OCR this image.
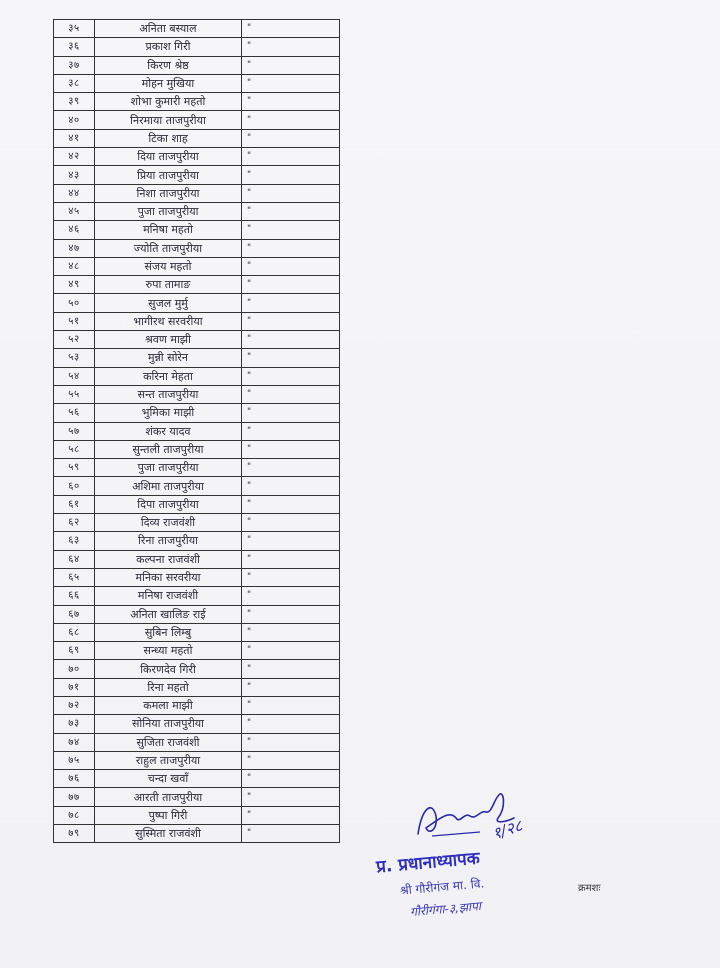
३५	अनिता बस्याल	"
३६	प्रकाश गिरी	"
३७	किरण श्रेष्ठ	"
३८	मोहन मुखिया	"
३९	शोभा कुमारी महतो	"
४०	निरमाया ताजपुरीया	"
४१	टिका शाह	"
४२	दिया ताजपुरीया	"
४३	प्रिया ताजपुरीया	"
४४	निशा ताजपुरीया	"
४५	पुजा ताजपुरीया	"
४६	मनिषा महतो	"
४७	ज्योति ताजपुरीया	"
४८	संजय महतो	"
४९	रुपा तामाङ	"
५०	सुजल मुर्मु	"
५१	भागीरथ सरवरीया	"
५२	श्रवण माझी	"
५३	मुन्नी सोरेन	"
५४	करिना मेहता	"
५५	सन्त ताजपुरीया	"
५६	भुमिका माझी	"
५७	शंकर यादव	"
५८	सुन्तली ताजपुरीया	"
५९	पुजा ताजपुरीया	"
६०	अशिमा ताजपुरीया	"
६१	दिपा ताजपुरीया	"
६२	दिव्य राजवंशी	"
६३	रिना ताजपुरीया	"
६४	कल्पना राजवंशी	"
६५	मनिका सरवरीया	"
६६	मनिषा राजवंशी	"
६७	अनिता खालिङ राई	"
६८	सुबिन लिम्बु	"
६९	सन्ध्या महतो	"
७०	किरणदेव गिरी	"
७१	रिना महतो	"
७२	कमला माझी	"
७३	सोनिया ताजपुरीया	"
७४	सुजिता राजवंशी	"
७५	राहुल ताजपुरीया	"
७६	चन्दा खवाँ	"
७७	आरती ताजपुरीया	"
७८	पुष्पा गिरी	"
७९	सुस्मिता राजवंशी	"	१/२८
प्र. प्रधानाध्यापक
श्री गौरीगंज मा. वि.
गौरीगंगा-३,झापा
क्रमशः
